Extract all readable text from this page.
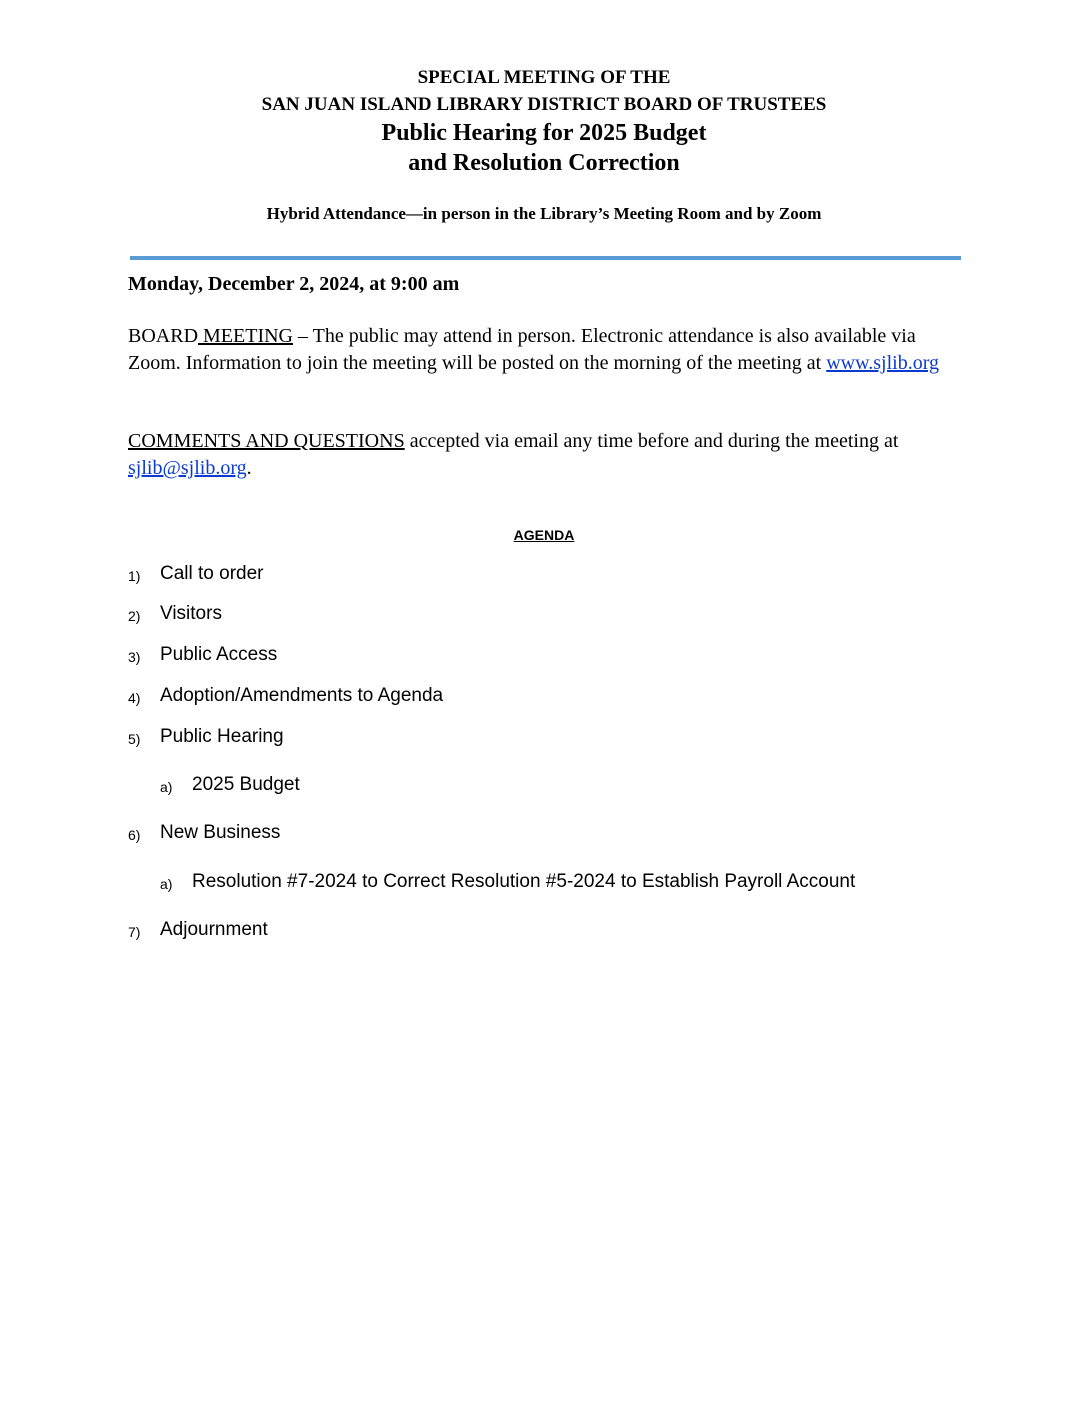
SPECIAL MEETING OF THE
SAN JUAN ISLAND LIBRARY DISTRICT BOARD OF TRUSTEES
Public Hearing for 2025 Budget
and Resolution Correction
Hybrid Attendance—in person in the Library’s Meeting Room and by Zoom
Monday, December 2, 2024, at 9:00 am
BOARD MEETING – The public may attend in person. Electronic attendance is also available via Zoom. Information to join the meeting will be posted on the morning of the meeting at www.sjlib.org
COMMENTS AND QUESTIONS accepted via email any time before and during the meeting at sjlib@sjlib.org.
AGENDA
1) Call to order
2) Visitors
3) Public Access
4) Adoption/Amendments to Agenda
5) Public Hearing
a) 2025 Budget
6) New Business
a) Resolution #7-2024 to Correct Resolution #5-2024 to Establish Payroll Account
7) Adjournment
